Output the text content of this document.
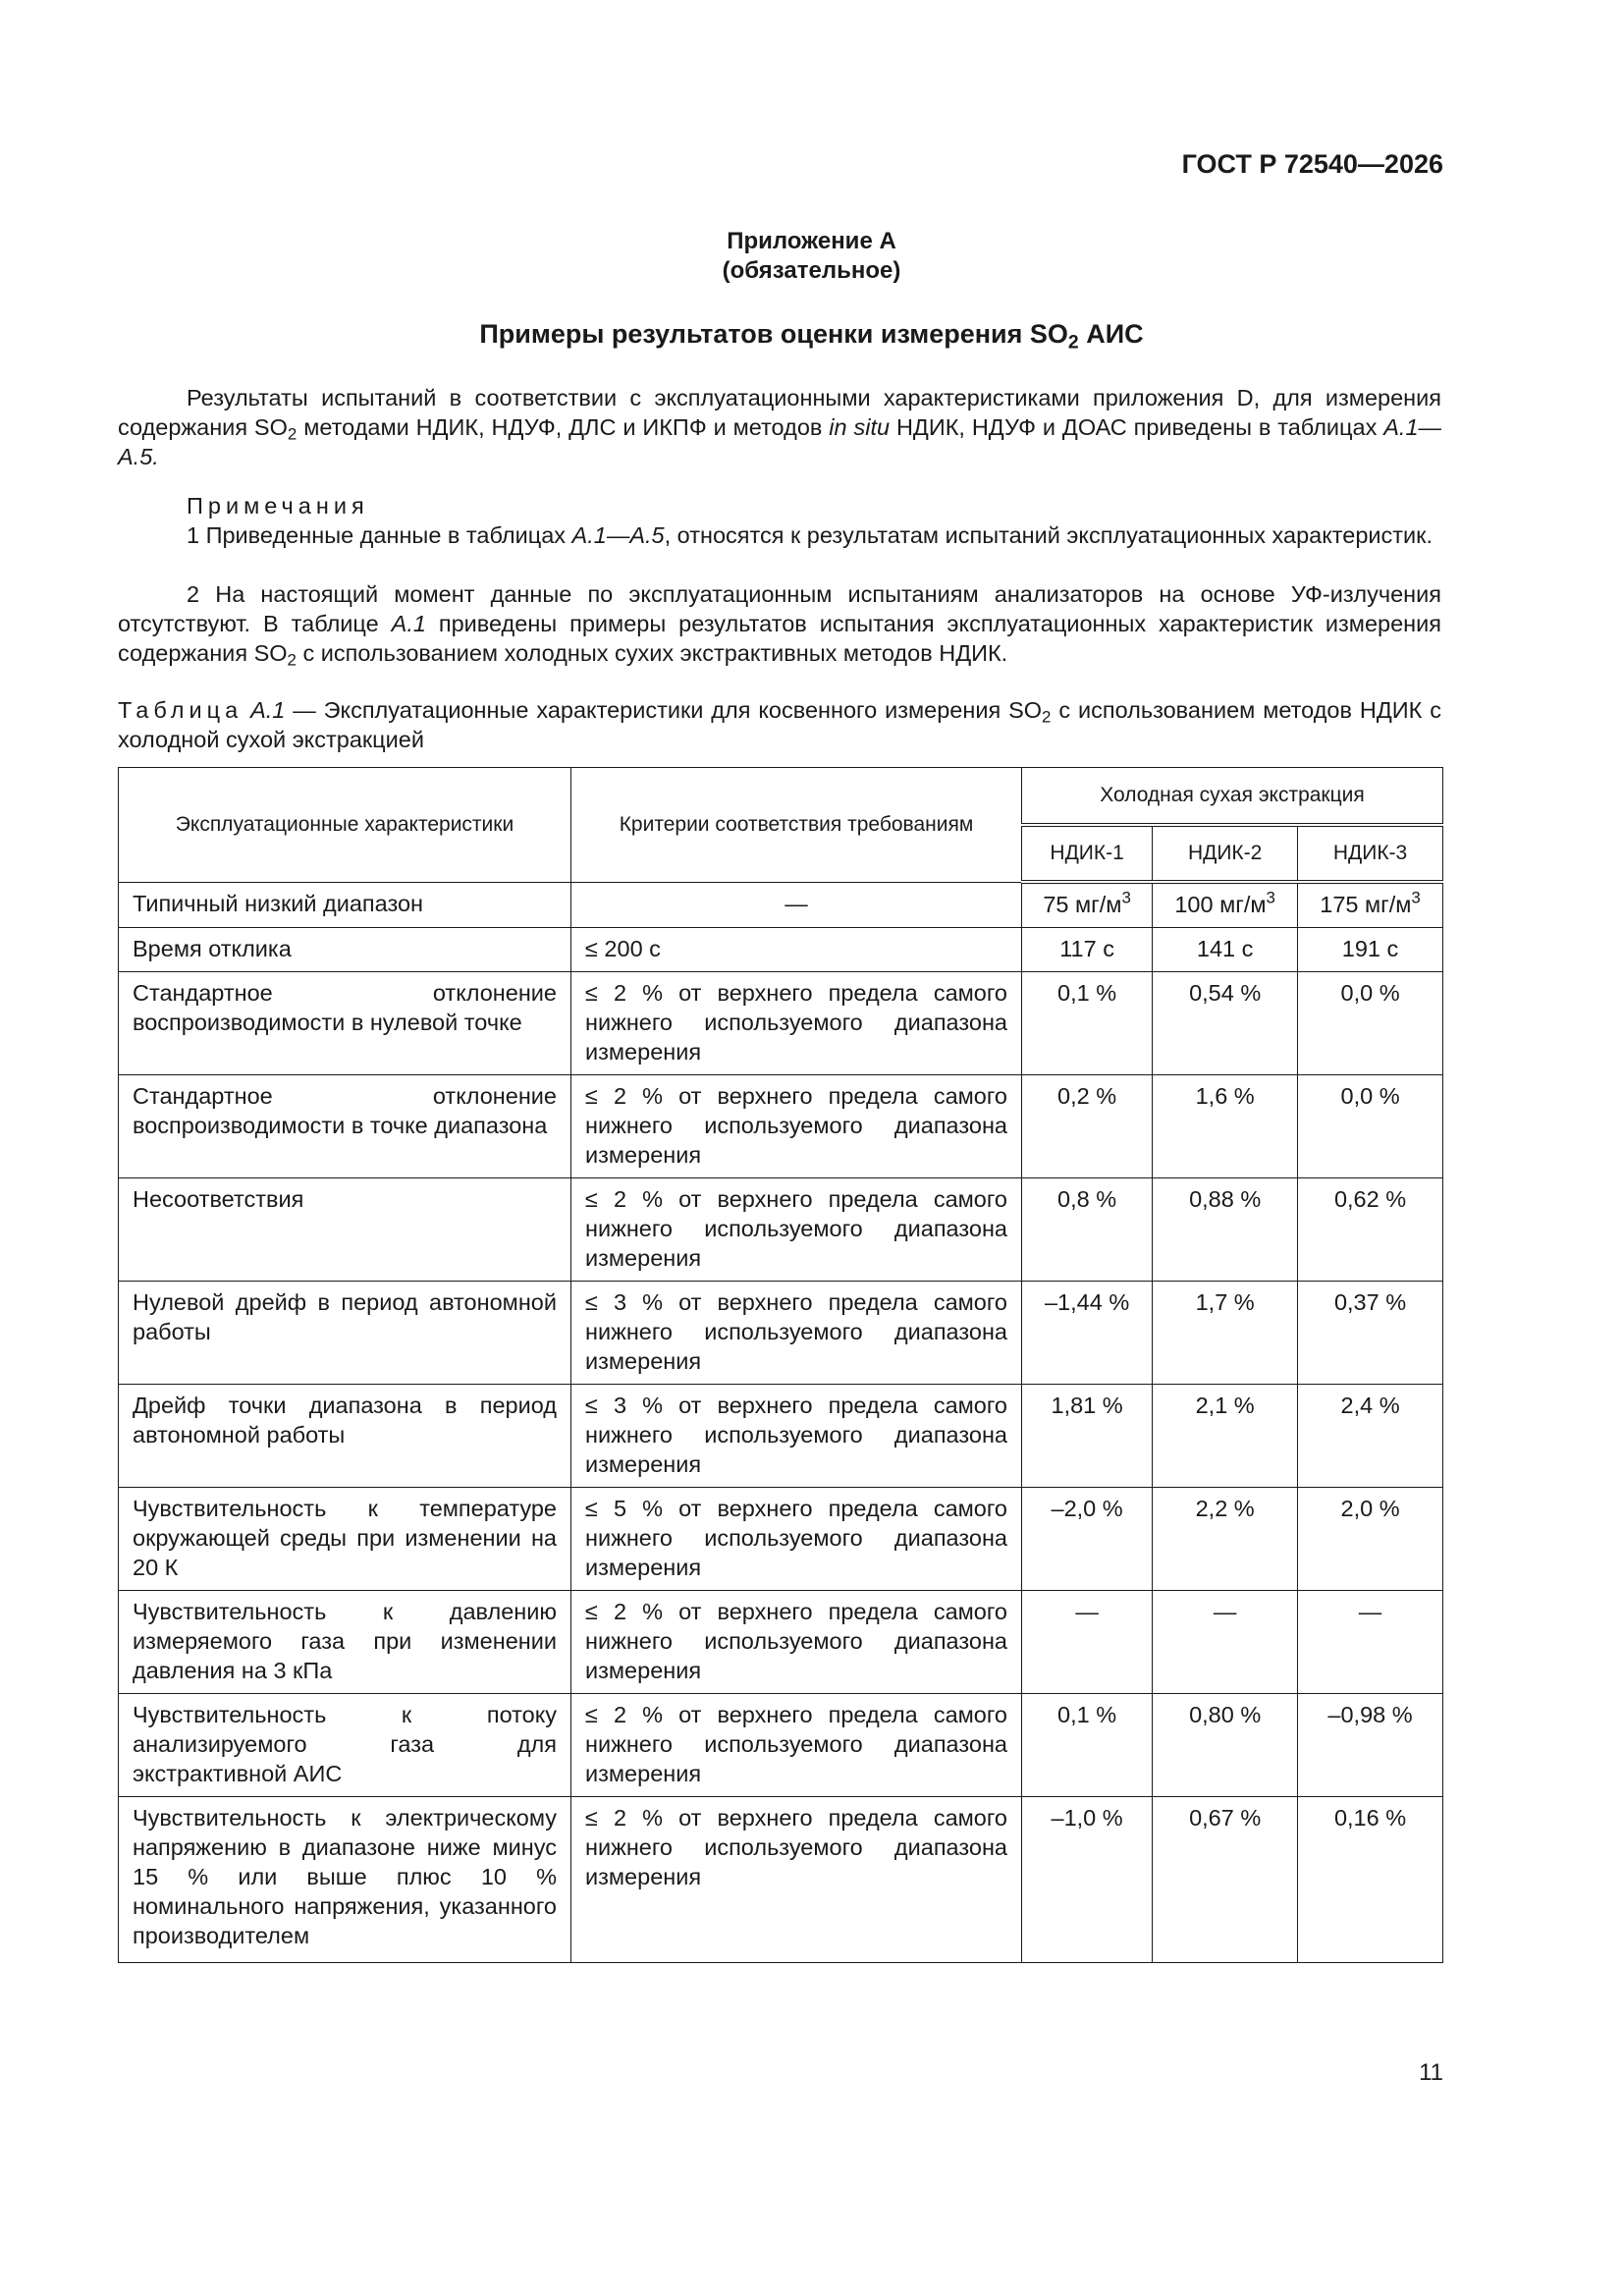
ГОСТ Р 72540—2026
Приложение А
(обязательное)
Примеры результатов оценки измерения $SO_2$ АИС
Результаты испытаний в соответствии с эксплуатационными характеристиками приложения D, для измерения содержания $SO_2$ методами НДИК, НДУФ, ДЛС и ИКПФ и методов in situ НДИК, НДУФ и ДОАС приведены в таблицах А.1—А.5.
Примечания
1 Приведенные данные в таблицах А.1—А.5, относятся к результатам испытаний эксплуатационных характеристик.
2 На настоящий момент данные по эксплуатационным испытаниям анализаторов на основе УФ-излучения отсутствуют. В таблице А.1 приведены примеры результатов испытания эксплуатационных характеристик измерения содержания $SO_2$ с использованием холодных сухих экстрактивных методов НДИК.
Таблица А.1 — Эксплуатационные характеристики для косвенного измерения $SO_2$ с использованием методов НДИК с холодной сухой экстракцией
Эксплуатационные характеристики	Критерии соответствия требованиям	Холодная сухая экстракция		
		НДИК-1	НДИК-2	НДИК-3
Типичный низкий диапазон	—	75 $мг/м^3$	100 $мг/м^3$	175 $мг/м^3$
Время отклика	≤ 200 с	117 с	141 с	191 с
Стандартное отклонение воспроизводимости в нулевой точке	≤ 2 % от верхнего предела самого нижнего используемого диапазона измерения	0,1 %	0,54 %	0,0 %
Стандартное отклонение воспроизводимости в точке диапазона	≤ 2 % от верхнего предела самого нижнего используемого диапазона измерения	0,2 %	1,6 %	0,0 %
Несоответствия	≤ 2 % от верхнего предела самого нижнего используемого диапазона измерения	0,8 %	0,88 %	0,62 %
Нулевой дрейф в период автономной работы	≤ 3 % от верхнего предела самого нижнего используемого диапазона измерения	–1,44 %	1,7 %	0,37 %
Дрейф точки диапазона в период автономной работы	≤ 3 % от верхнего предела самого нижнего используемого диапазона измерения	1,81 %	2,1 %	2,4 %
Чувствительность к температуре окружающей среды при изменении на 20 К	≤ 5 % от верхнего предела самого нижнего используемого диапазона измерения	–2,0 %	2,2 %	2,0 %
Чувствительность к давлению измеряемого газа при изменении давления на 3 кПа	≤ 2 % от верхнего предела самого нижнего используемого диапазона измерения	—	—	—
Чувствительность к потоку анализируемого газа для экстрактивной АИС	≤ 2 % от верхнего предела самого нижнего используемого диапазона измерения	0,1 %	0,80 %	–0,98 %
Чувствительность к электрическому напряжению в диапазоне ниже минус 15 % или выше плюс 10 % номинального напряжения, указанного производителем	≤ 2 % от верхнего предела самого нижнего используемого диапазона измерения	–1,0 %	0,67 %	0,16 %
11
